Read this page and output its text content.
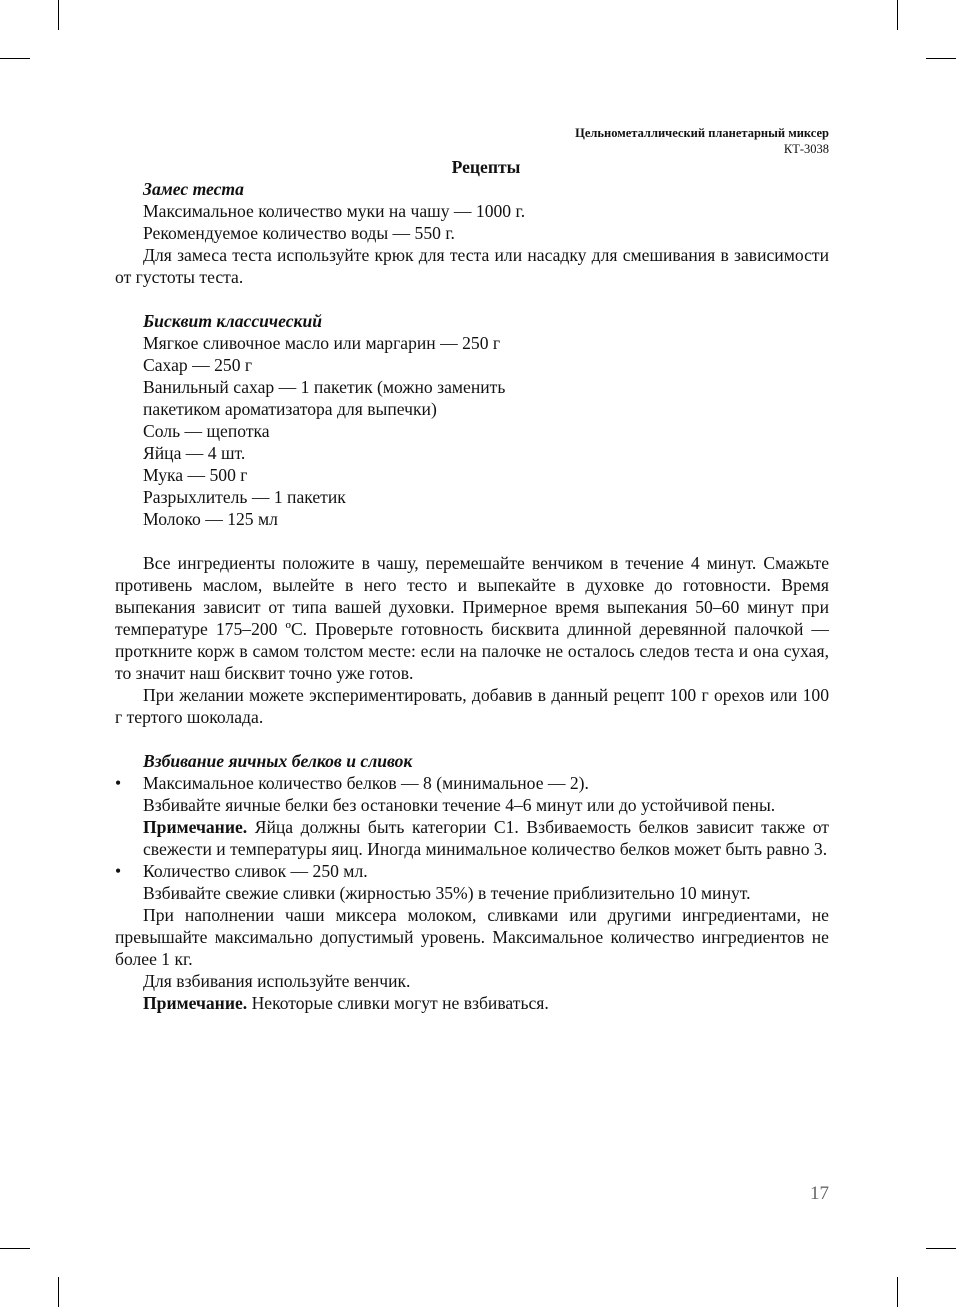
Цельнометаллический планетарный миксер
КТ-3038
Рецепты

Замес теста

Максимальное количество муки на чашу — 1000 г.

Рекомендуемое количество воды — 550 г.

Для замеса теста используйте крюк для теста или насадку для смешивания в зависимости от густоты теста.

Бисквит классический

Мягкое сливочное масло или маргарин — 250 г

Сахар — 250 г

Ванильный сахар — 1 пакетик (можно заменить

пакетиком ароматизатора для выпечки)

Соль — щепотка

Яйца — 4 шт.

Мука — 500 г

Разрыхлитель — 1 пакетик

Молоко — 125 мл

Все ингредиенты положите в чашу, перемешайте венчиком в течение 4 минут. Смажьте противень маслом, вылейте в него тесто и выпекайте в духовке до готовности. Время выпекания зависит от типа вашей духовки. Примерное время выпекания 50–60 минут при температуре 175–200 ºC. Проверьте готовность бисквита длинной деревянной палочкой — проткните корж в самом толстом месте: если на палочке не осталось следов теста и она сухая, то значит наш бисквит точно уже готов.

При желании можете экспериментировать, добавив в данный рецепт 100 г орехов или 100 г тертого шоколада.

Взбивание яичных белков и сливок

• Максимальное количество белков — 8 (минимальное — 2).

Взбивайте яичные белки без остановки течение 4–6 минут или до устойчивой пены.

Примечание. Яйца должны быть категории С1. Взбиваемость белков зависит также от свежести и температуры яиц. Иногда минимальное количество белков может быть равно 3.

• Количество сливок — 250 мл.

Взбивайте свежие сливки (жирностью 35%) в течение приблизительно 10 минут.

При наполнении чаши миксера молоком, сливками или другими ингредиентами, не превышайте максимально допустимый уровень. Максимальное количество ингредиентов не более 1 кг.

Для взбивания используйте венчик.

Примечание. Некоторые сливки могут не взбиваться.

17
